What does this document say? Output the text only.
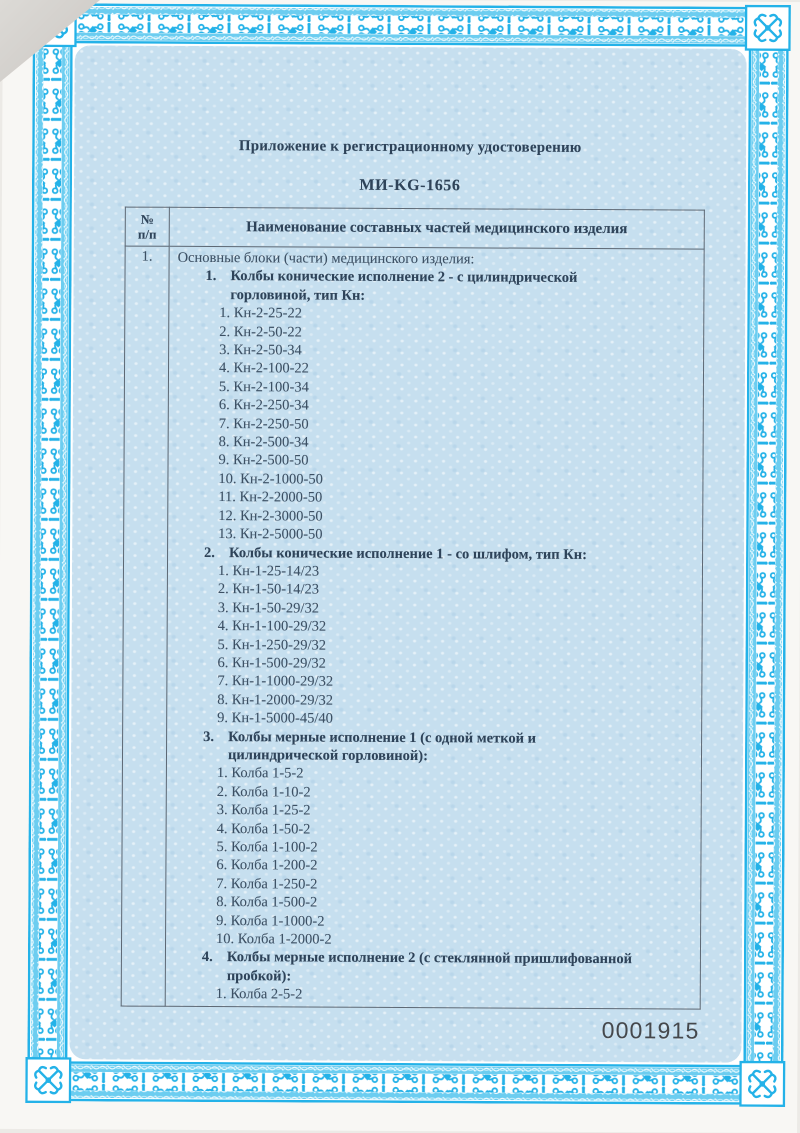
Приложение к регистрационному удостоверению
МИ-KG-1656
№
п/п	Наименование составных частей медицинского изделия
1.	Основные блоки (части) медицинского изделия:
1. Колбы конические исполнение 2 - с цилиндрической
горловиной, тип Кн:
1. Кн-2-25-22
2. Кн-2-50-22
3. Кн-2-50-34
4. Кн-2-100-22
5. Кн-2-100-34
6. Кн-2-250-34
7. Кн-2-250-50
8. Кн-2-500-34
9. Кн-2-500-50
10. Кн-2-1000-50
11. Кн-2-2000-50
12. Кн-2-3000-50
13. Кн-2-5000-50
2. Колбы конические исполнение 1 - со шлифом, тип Кн:
1. Кн-1-25-14/23
2. Кн-1-50-14/23
3. Кн-1-50-29/32
4. Кн-1-100-29/32
5. Кн-1-250-29/32
6. Кн-1-500-29/32
7. Кн-1-1000-29/32
8. Кн-1-2000-29/32
9. Кн-1-5000-45/40
3. Колбы мерные исполнение 1 (с одной меткой и
цилиндрической горловиной):
1. Колба 1-5-2
2. Колба 1-10-2
3. Колба 1-25-2
4. Колба 1-50-2
5. Колба 1-100-2
6. Колба 1-200-2
7. Колба 1-250-2
8. Колба 1-500-2
9. Колба 1-1000-2
10. Колба 1-2000-2
4. Колбы мерные исполнение 2 (с стеклянной пришлифованной
пробкой):
1. Колба 2-5-2
0001915
